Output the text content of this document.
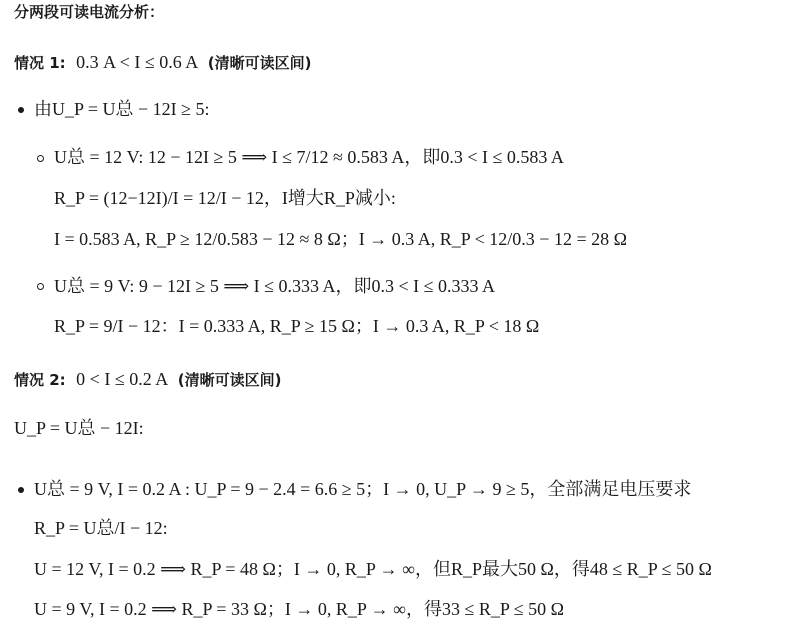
分两段可读电流分析：
情况 1: 0.3 A < I ≤ 0.6 A (清晰可读区间)
由U_P = U总 − 12I ≥ 5:
U总 = 12 V: 12 − 12I ≥ 5 ⟹ I ≤ 7/12 ≈ 0.583 A，即0.3 < I ≤ 0.583 A
R_P = (12−12I)/I = 12/I − 12，I增大R_P减小:
I = 0.583 A, R_P ≥ 12/0.583 − 12 ≈ 8 Ω；I → 0.3 A, R_P < 12/0.3 − 12 = 28 Ω
U总 = 9 V: 9 − 12I ≥ 5 ⟹ I ≤ 0.333 A，即0.3 < I ≤ 0.333 A
R_P = 9/I − 12：I = 0.333 A, R_P ≥ 15 Ω；I → 0.3 A, R_P < 18 Ω
情况 2: 0 < I ≤ 0.2 A (清晰可读区间)
U_P = U总 − 12I:
U总 = 9 V, I = 0.2 A : U_P = 9 − 2.4 = 6.6 ≥ 5；I → 0, U_P → 9 ≥ 5，全部满足电压要求
R_P = U总/I − 12:
U = 12 V, I = 0.2 ⟹ R_P = 48 Ω；I → 0, R_P → ∞，但R_P最大50 Ω，得48 ≤ R_P ≤ 50 Ω
U = 9 V, I = 0.2 ⟹ R_P = 33 Ω；I → 0, R_P → ∞，得33 ≤ R_P ≤ 50 Ω
